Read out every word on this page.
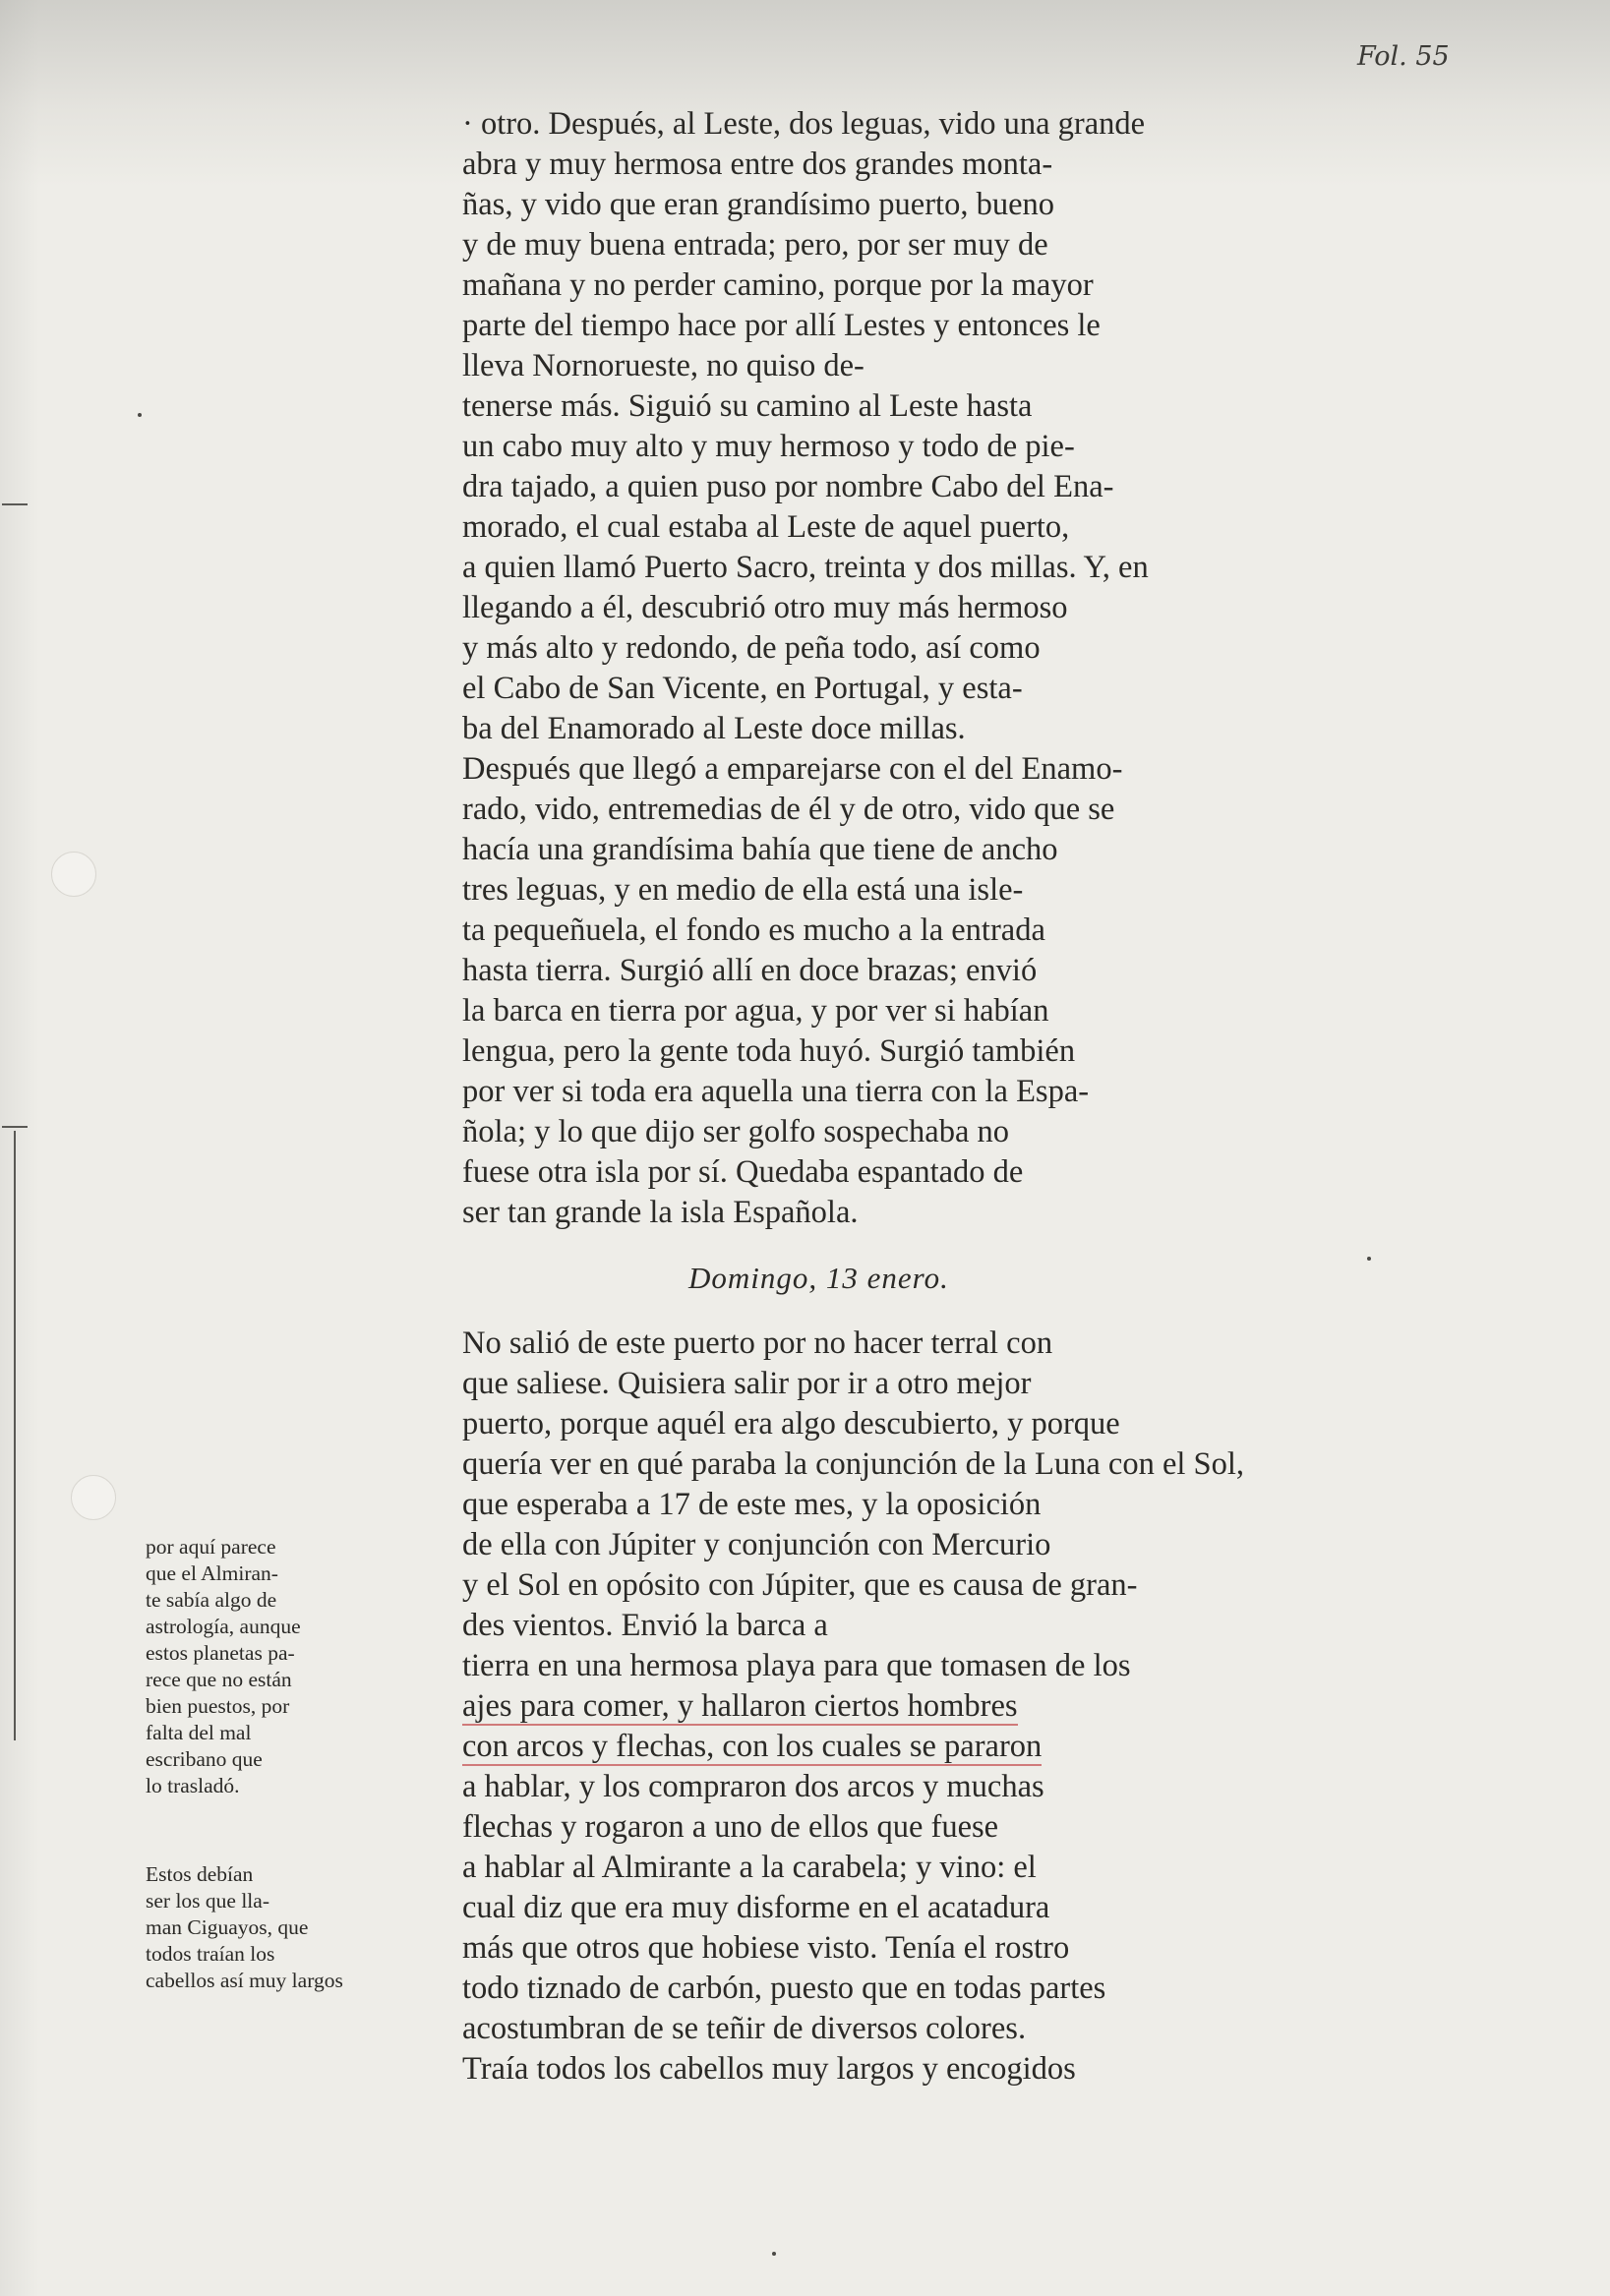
Fol. 55
· otro. Después, al Leste, dos leguas, vido una grande
abra y muy hermosa entre dos grandes monta-
ñas, y vido que eran grandísimo puerto, bueno
y de muy buena entrada; pero, por ser muy de
mañana y no perder camino, porque por la mayor
parte del tiempo hace por allí Lestes y entonces le
lleva Nornorueste, no quiso de-
tenerse más. Siguió su camino al Leste hasta
un cabo muy alto y muy hermoso y todo de pie-
dra tajado, a quien puso por nombre Cabo del Ena-
morado, el cual estaba al Leste de aquel puerto,
a quien llamó Puerto Sacro, treinta y dos millas. Y, en
llegando a él, descubrió otro muy más hermoso
y más alto y redondo, de peña todo, así como
el Cabo de San Vicente, en Portugal, y esta-
ba del Enamorado al Leste doce millas.
Después que llegó a emparejarse con el del Enamo-
rado, vido, entremedias de él y de otro, vido que se
hacía una grandísima bahía que tiene de ancho
tres leguas, y en medio de ella está una isle-
ta pequeñuela, el fondo es mucho a la entrada
hasta tierra. Surgió allí en doce brazas; envió
la barca en tierra por agua, y por ver si habían
lengua, pero la gente toda huyó. Surgió también
por ver si toda era aquella una tierra con la Espa-
ñola; y lo que dijo ser golfo sospechaba no
fuese otra isla por sí. Quedaba espantado de
ser tan grande la isla Española.
Domingo, 13 enero.
No salió de este puerto por no hacer terral con
que saliese. Quisiera salir por ir a otro mejor
puerto, porque aquél era algo descubierto, y porque
quería ver en qué paraba la conjunción de la Luna con el Sol,
que esperaba a 17 de este mes, y la oposición
de ella con Júpiter y conjunción con Mercurio
y el Sol en opósito con Júpiter, que es causa de gran-
des vientos. Envió la barca a
tierra en una hermosa playa para que tomasen de los
ajes para comer, y hallaron ciertos hombres
con arcos y flechas, con los cuales se pararon
a hablar, y los compraron dos arcos y muchas
flechas y rogaron a uno de ellos que fuese
a hablar al Almirante a la carabela; y vino: el
cual diz que era muy disforme en el acatadura
más que otros que hobiese visto. Tenía el rostro
todo tiznado de carbón, puesto que en todas partes
acostumbran de se teñir de diversos colores.
Traía todos los cabellos muy largos y encogidos
por aquí parece
que el Almiran-
te sabía algo de
astrología, aunque
estos planetas pa-
rece que no están
bien puestos, por
falta del mal
escribano que
lo trasladó.
Estos debían
ser los que lla-
man Ciguayos, que
todos traían los
cabellos así muy largos
